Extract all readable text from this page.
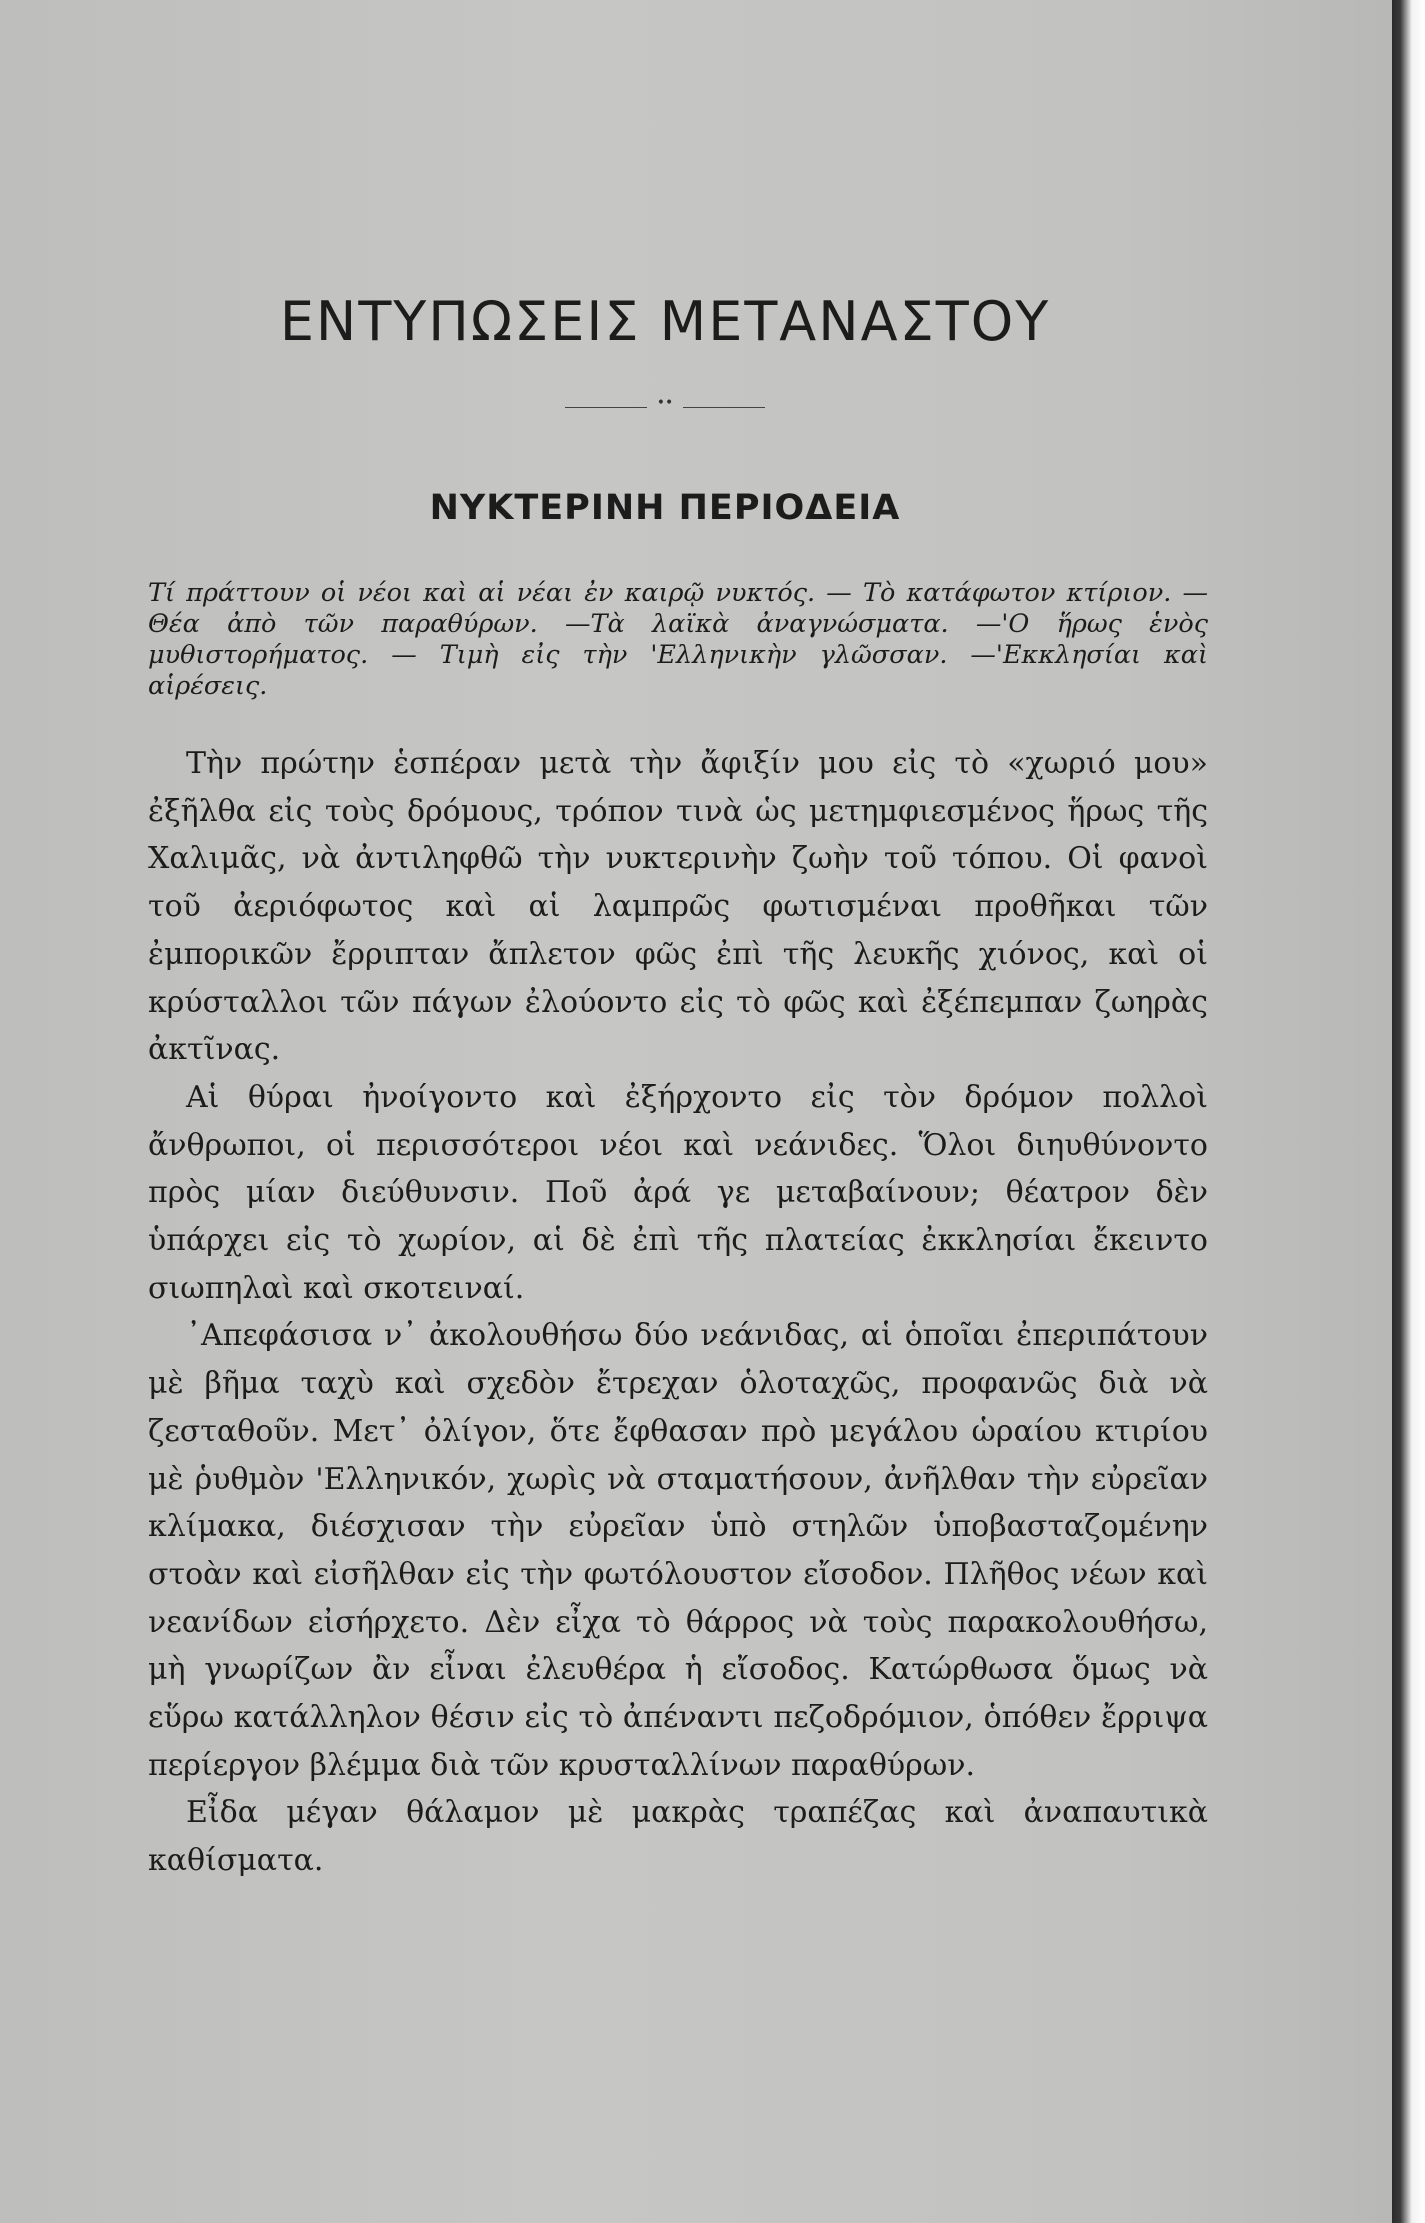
ΕΝΤΥΠΩΣΕΙΣ ΜΕΤΑΝΑΣΤΟΥ
••
ΝΥΚΤΕΡΙΝΗ ΠΕΡΙΟΔΕΙΑ

Τί πράττουν οἱ νέοι καὶ αἱ νέαι ἐν καιρῷ νυκτός. — Τὸ κατάφωτον κτίριον. — Θέα ἀπὸ τῶν παραθύρων. —Τὰ λαϊκὰ ἀναγνώσματα. —'Ο ἥρως ἑνὸς μυθιστορήματος. — Τιμὴ εἰς τὴν 'Ελληνικὴν γλῶσσαν. —'Εκκλησίαι καὶ αἱρέσεις.

Τὴν πρώτην ἑσπέραν μετὰ τὴν ἄφιξίν μου εἰς τὸ «χωριό μου» ἐξῆλθα εἰς τοὺς δρόμους, τρόπον τινὰ ὡς μετημφιεσμένος ἥρως τῆς Χαλιμᾶς, νὰ ἀντιληφθῶ τὴν νυκτερινὴν ζωὴν τοῦ τόπου. Οἱ φανοὶ τοῦ ἀεριόφωτος καὶ αἱ λαμπρῶς φωτισμέναι προθῆκαι τῶν ἐμπορικῶν ἔρριπταν ἄπλετον φῶς ἐπὶ τῆς λευκῆς χιόνος, καὶ οἱ κρύσταλλοι τῶν πάγων ἐλούοντο εἰς τὸ φῶς καὶ ἐξέπεμπαν ζωηρὰς ἀκτῖνας.

Αἱ θύραι ἠνοίγοντο καὶ ἐξήρχοντο εἰς τὸν δρόμον πολλοὶ ἄνθρωποι, οἱ περισσότεροι νέοι καὶ νεάνιδες. Ὅλοι διηυθύνοντο πρὸς μίαν διεύθυνσιν. Ποῦ ἀρά γε μεταβαίνουν; θέατρον δὲν ὑπάρχει εἰς τὸ χωρίον, αἱ δὲ ἐπὶ τῆς πλατείας ἐκκλησίαι ἔκειντο σιωπηλαὶ καὶ σκοτειναί.

᾿Απεφάσισα ν᾿ ἀκολουθήσω δύο νεάνιδας, αἱ ὁποῖαι ἐπεριπάτουν μὲ βῆμα ταχὺ καὶ σχεδὸν ἔτρεχαν ὁλοταχῶς, προφανῶς διὰ νὰ ζεσταθοῦν. Μετ᾿ ὀλίγον, ὅτε ἔφθασαν πρὸ μεγάλου ὡραίου κτιρίου μὲ ῥυθμὸν 'Ελληνικόν, χωρὶς νὰ σταματήσουν, ἀνῆλθαν τὴν εὐρεῖαν κλίμακα, διέσχισαν τὴν εὐρεῖαν ὑπὸ στηλῶν ὑποβασταζομένην στοὰν καὶ εἰσῆλθαν εἰς τὴν φωτόλουστον εἴσοδον. Πλῆθος νέων καὶ νεανίδων εἰσήρχετο. Δὲν εἶχα τὸ θάρρος νὰ τοὺς παρακολουθήσω, μὴ γνωρίζων ἂν εἶναι ἐλευθέρα ἡ εἴσοδος. Κατώρθωσα ὅμως νὰ εὕρω κατάλληλον θέσιν εἰς τὸ ἀπέναντι πεζοδρόμιον, ὁπόθεν ἔρριψα περίεργον βλέμμα διὰ τῶν κρυσταλλίνων παραθύρων.

Εἶδα μέγαν θάλαμον μὲ μακρὰς τραπέζας καὶ ἀναπαυτικὰ καθίσματα.
